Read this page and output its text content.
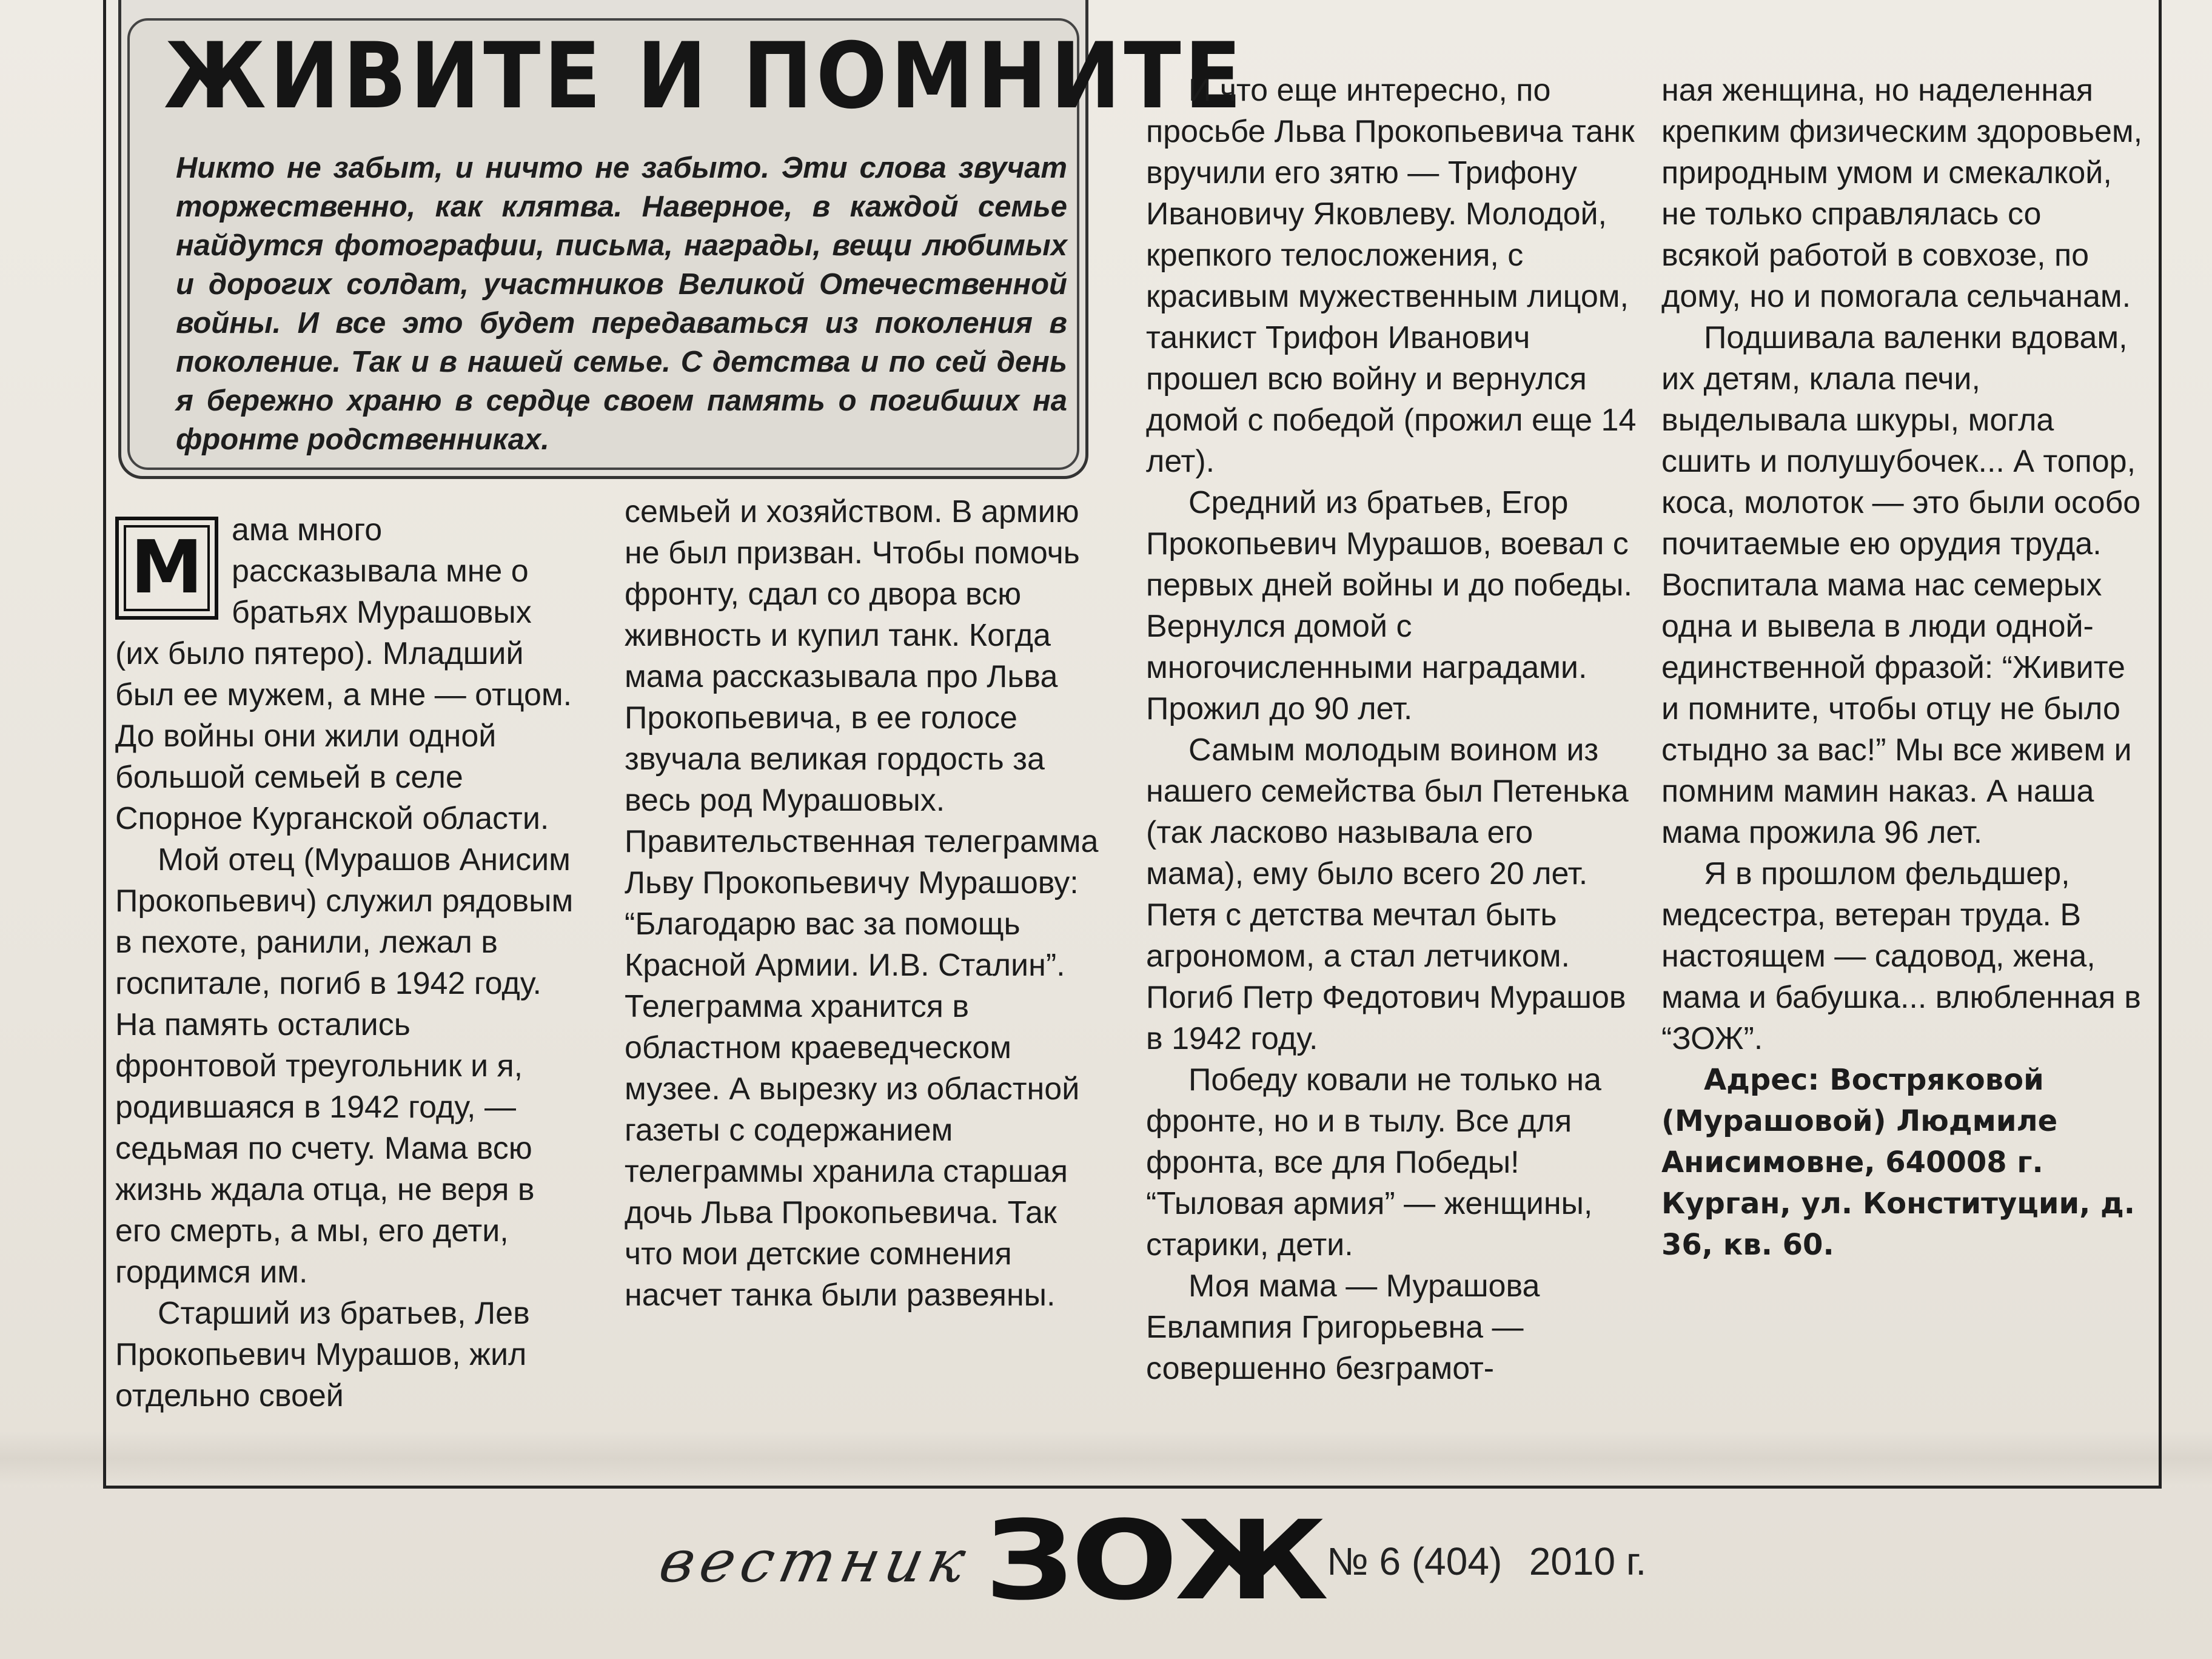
ЖИВИТЕ И ПОМНИТЕ
Никто не забыт, и ничто не забыто. Эти слова звучат торжественно, как клятва. Наверное, в каждой семье найдутся фотографии, письма, награды, вещи любимых и дорогих солдат, участников Великой Отечественной войны. И все это будет передаваться из поколения в поколение. Так и в нашей семье. С детства и по сей день я бережно храню в сердце своем память о погибших на фронте родственниках.
М ама много рассказывала мне о братьях Мурашовых (их было пятеро). Младший был ее мужем, а мне — отцом. До войны они жили одной большой семьей в селе Спорное Курганской области.

Мой отец (Мурашов Анисим Прокопьевич) служил рядовым в пехоте, ранили, лежал в госпитале, погиб в 1942 году. На память остались фронтовой треугольник и я, родившаяся в 1942 году, — седьмая по счету. Мама всю жизнь ждала отца, не веря в его смерть, а мы, его дети, гордимся им.

Старший из братьев, Лев Прокопьевич Мурашов, жил отдельно своей

семьей и хозяйством. В армию не был призван. Чтобы помочь фронту, сдал со двора всю живность и купил танк. Когда мама рассказывала про Льва Прокопьевича, в ее голосе звучала великая гордость за весь род Мурашовых. Правительственная телеграмма Льву Прокопьевичу Мурашову: “Благодарю вас за помощь Красной Армии. И.В. Сталин”. Телеграмма хранится в областном краеведческом музее. А вырезку из областной газеты с содержанием телеграммы хранила старшая дочь Льва Прокопьевича. Так что мои детские сомнения насчет танка были развеяны.

И что еще интересно, по просьбе Льва Прокопьевича танк вручили его зятю — Трифону Ивановичу Яковлеву. Молодой, крепкого телосложения, с красивым мужественным лицом, танкист Трифон Иванович прошел всю войну и вернулся домой с победой (прожил еще 14 лет).

Средний из братьев, Егор Прокопьевич Мурашов, воевал с первых дней войны и до победы. Вернулся домой с многочисленными наградами. Прожил до 90 лет.

Самым молодым воином из нашего семейства был Петенька (так ласково называла его мама), ему было всего 20 лет. Петя с детства мечтал быть агрономом, а стал летчиком. Погиб Петр Федотович Мурашов в 1942 году.

Победу ковали не только на фронте, но и в тылу. Все для фронта, все для Победы! “Тыловая армия” — женщины, старики, дети.

Моя мама — Мурашова Евлампия Григорьевна — совершенно безграмот-

ная женщина, но наделенная крепким физическим здоровьем, природным умом и смекалкой, не только справлялась со всякой работой в совхозе, по дому, но и помогала сельчанам.

Подшивала валенки вдовам, их детям, клала печи, выделывала шкуры, могла сшить и полушубочек... А топор, коса, молоток — это были особо почитаемые ею орудия труда. Воспитала мама нас семерых одна и вывела в люди одной-единственной фразой: “Живите и помните, чтобы отцу не было стыдно за вас!” Мы все живем и помним мамин наказ. А наша мама прожила 96 лет.

Я в прошлом фельдшер, медсестра, ветеран труда. В настоящем — садовод, жена, мама и бабушка... влюбленная в “ЗОЖ”.

Адрес: Востряковой (Мурашовой) Людмиле Анисимовне, 640008 г. Курган, ул. Конституции, д. 36, кв. 60.

вестник ЗОЖ № 6 (404) 2010 г.
